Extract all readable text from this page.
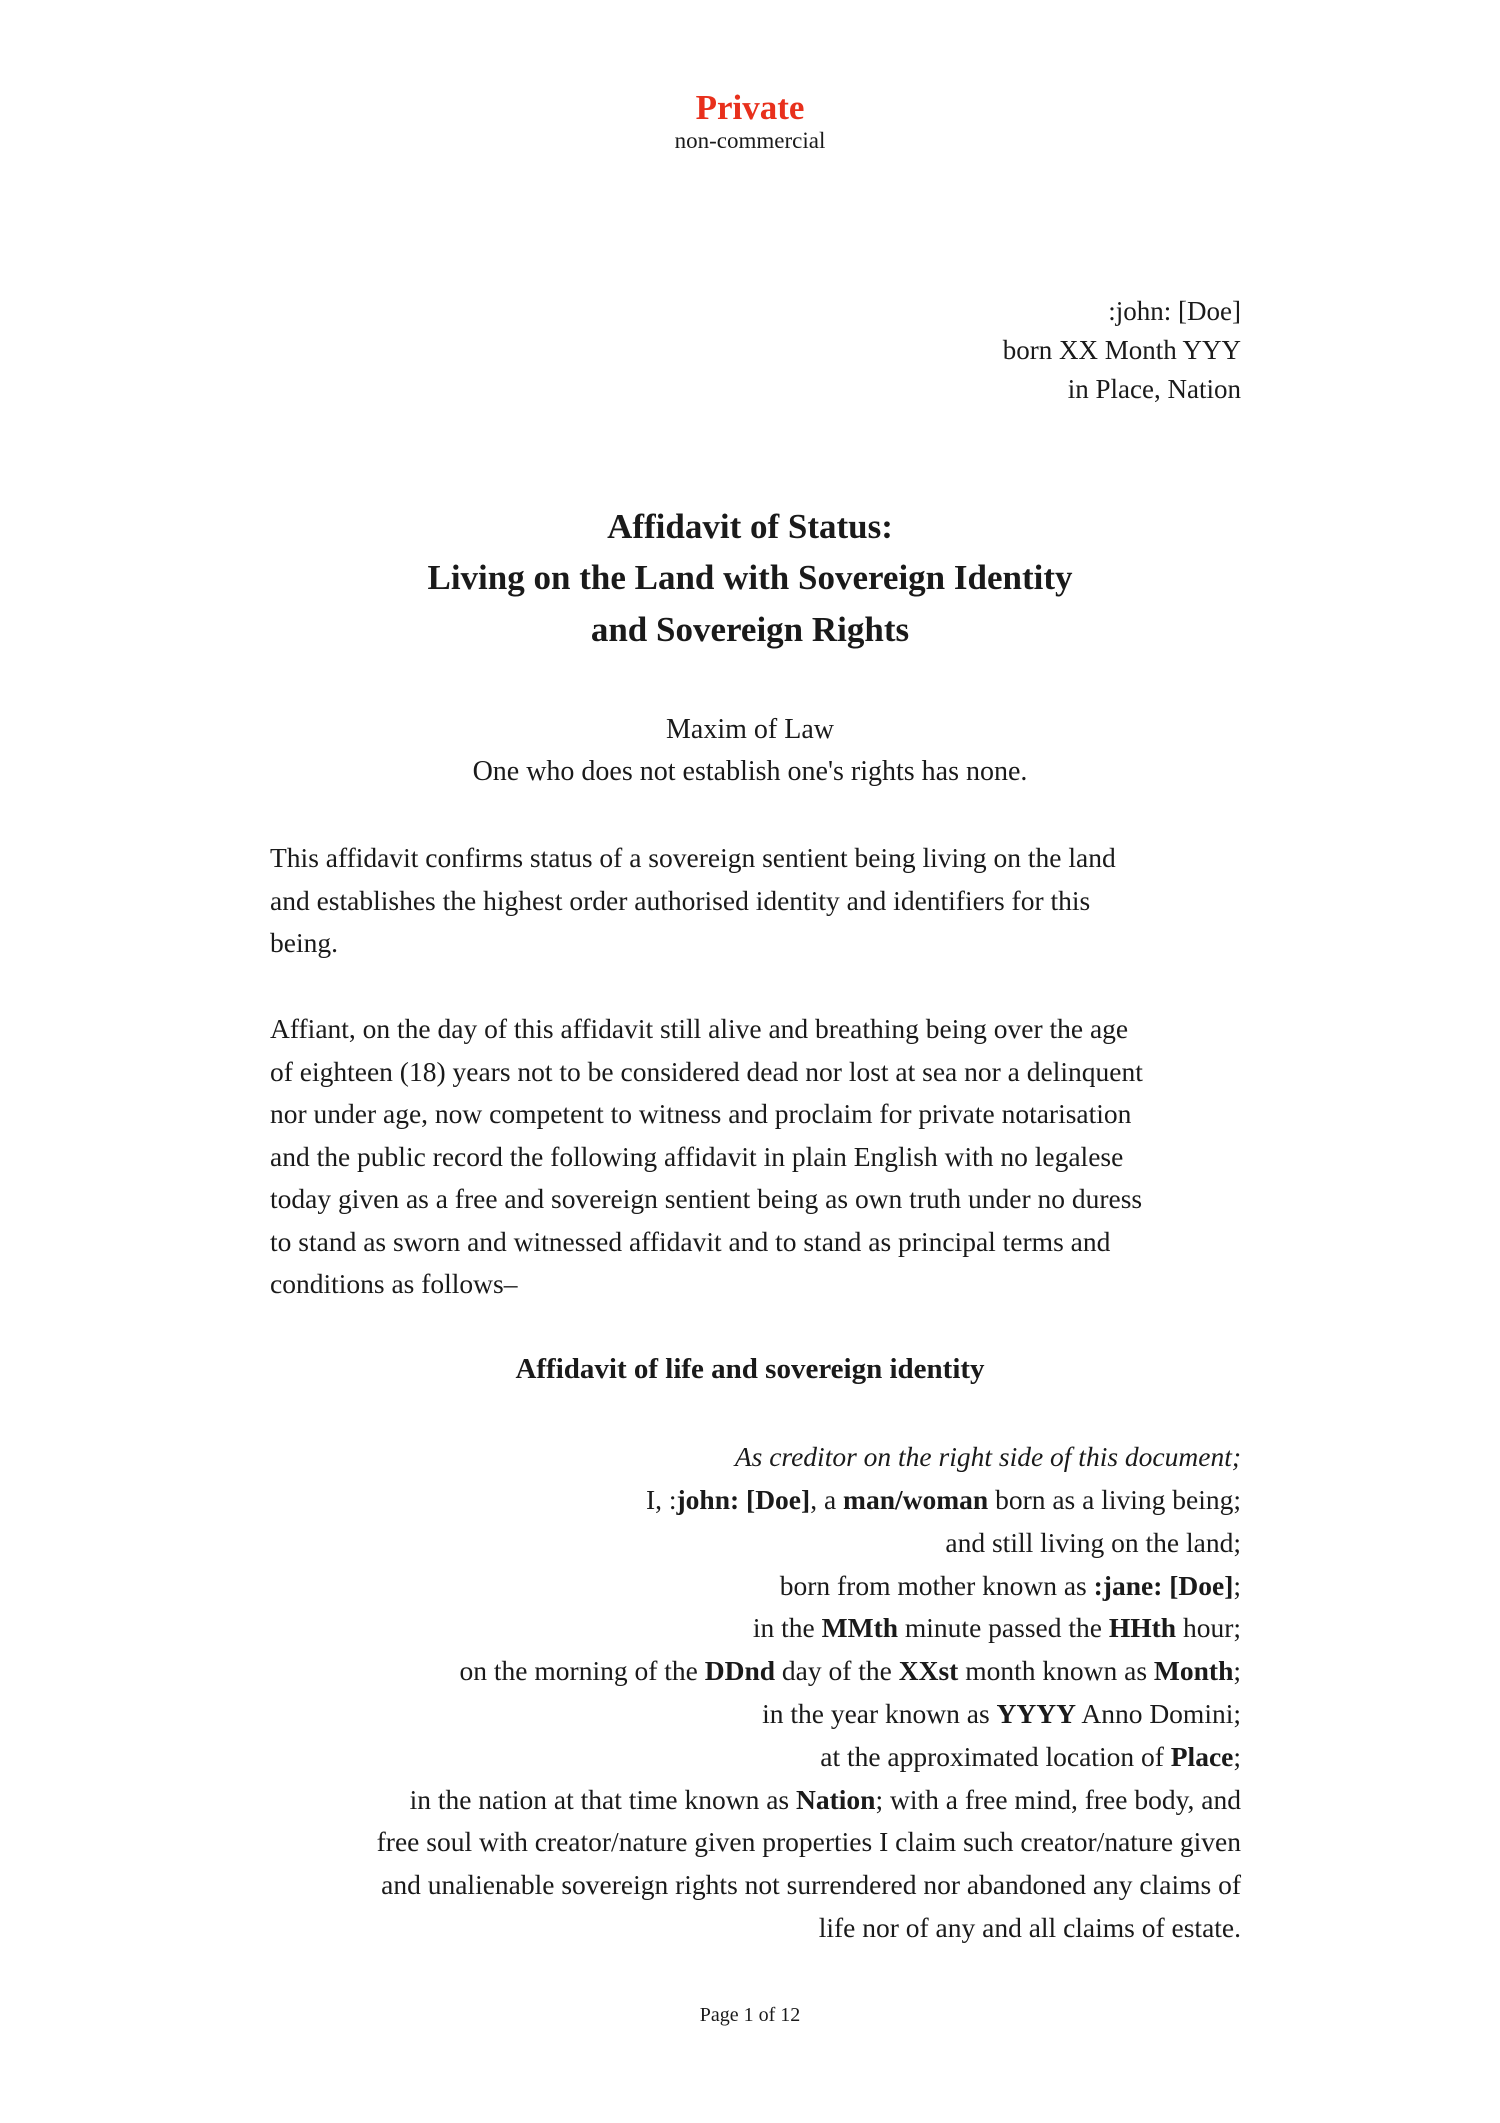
Private
non-commercial
:john: [Doe]
born XX Month YYY
in Place, Nation
Affidavit of Status:
Living on the Land with Sovereign Identity
and Sovereign Rights
Maxim of Law
One who does not establish one's rights has none.
This affidavit confirms status of a sovereign sentient being living on the land
and establishes the highest order authorised identity and identifiers for this
being.
Affiant, on the day of this affidavit still alive and breathing being over the age
of eighteen (18) years not to be considered dead nor lost at sea nor a delinquent
nor under age, now competent to witness and proclaim for private notarisation
and the public record the following affidavit in plain English with no legalese
today given as a free and sovereign sentient being as own truth under no duress
to stand as sworn and witnessed affidavit and to stand as principal terms and
conditions as follows–
Affidavit of life and sovereign identity
As creditor on the right side of this document;
I, :john: [Doe], a man/woman born as a living being;
and still living on the land;
born from mother known as :jane: [Doe];
in the MMth minute passed the HHth hour;
on the morning of the DDnd day of the XXst month known as Month;
in the year known as YYYY Anno Domini;
at the approximated location of Place;
in the nation at that time known as Nation; with a free mind, free body, and
free soul with creator/nature given properties I claim such creator/nature given
and unalienable sovereign rights not surrendered nor abandoned any claims of
life nor of any and all claims of estate.
Page 1 of 12
